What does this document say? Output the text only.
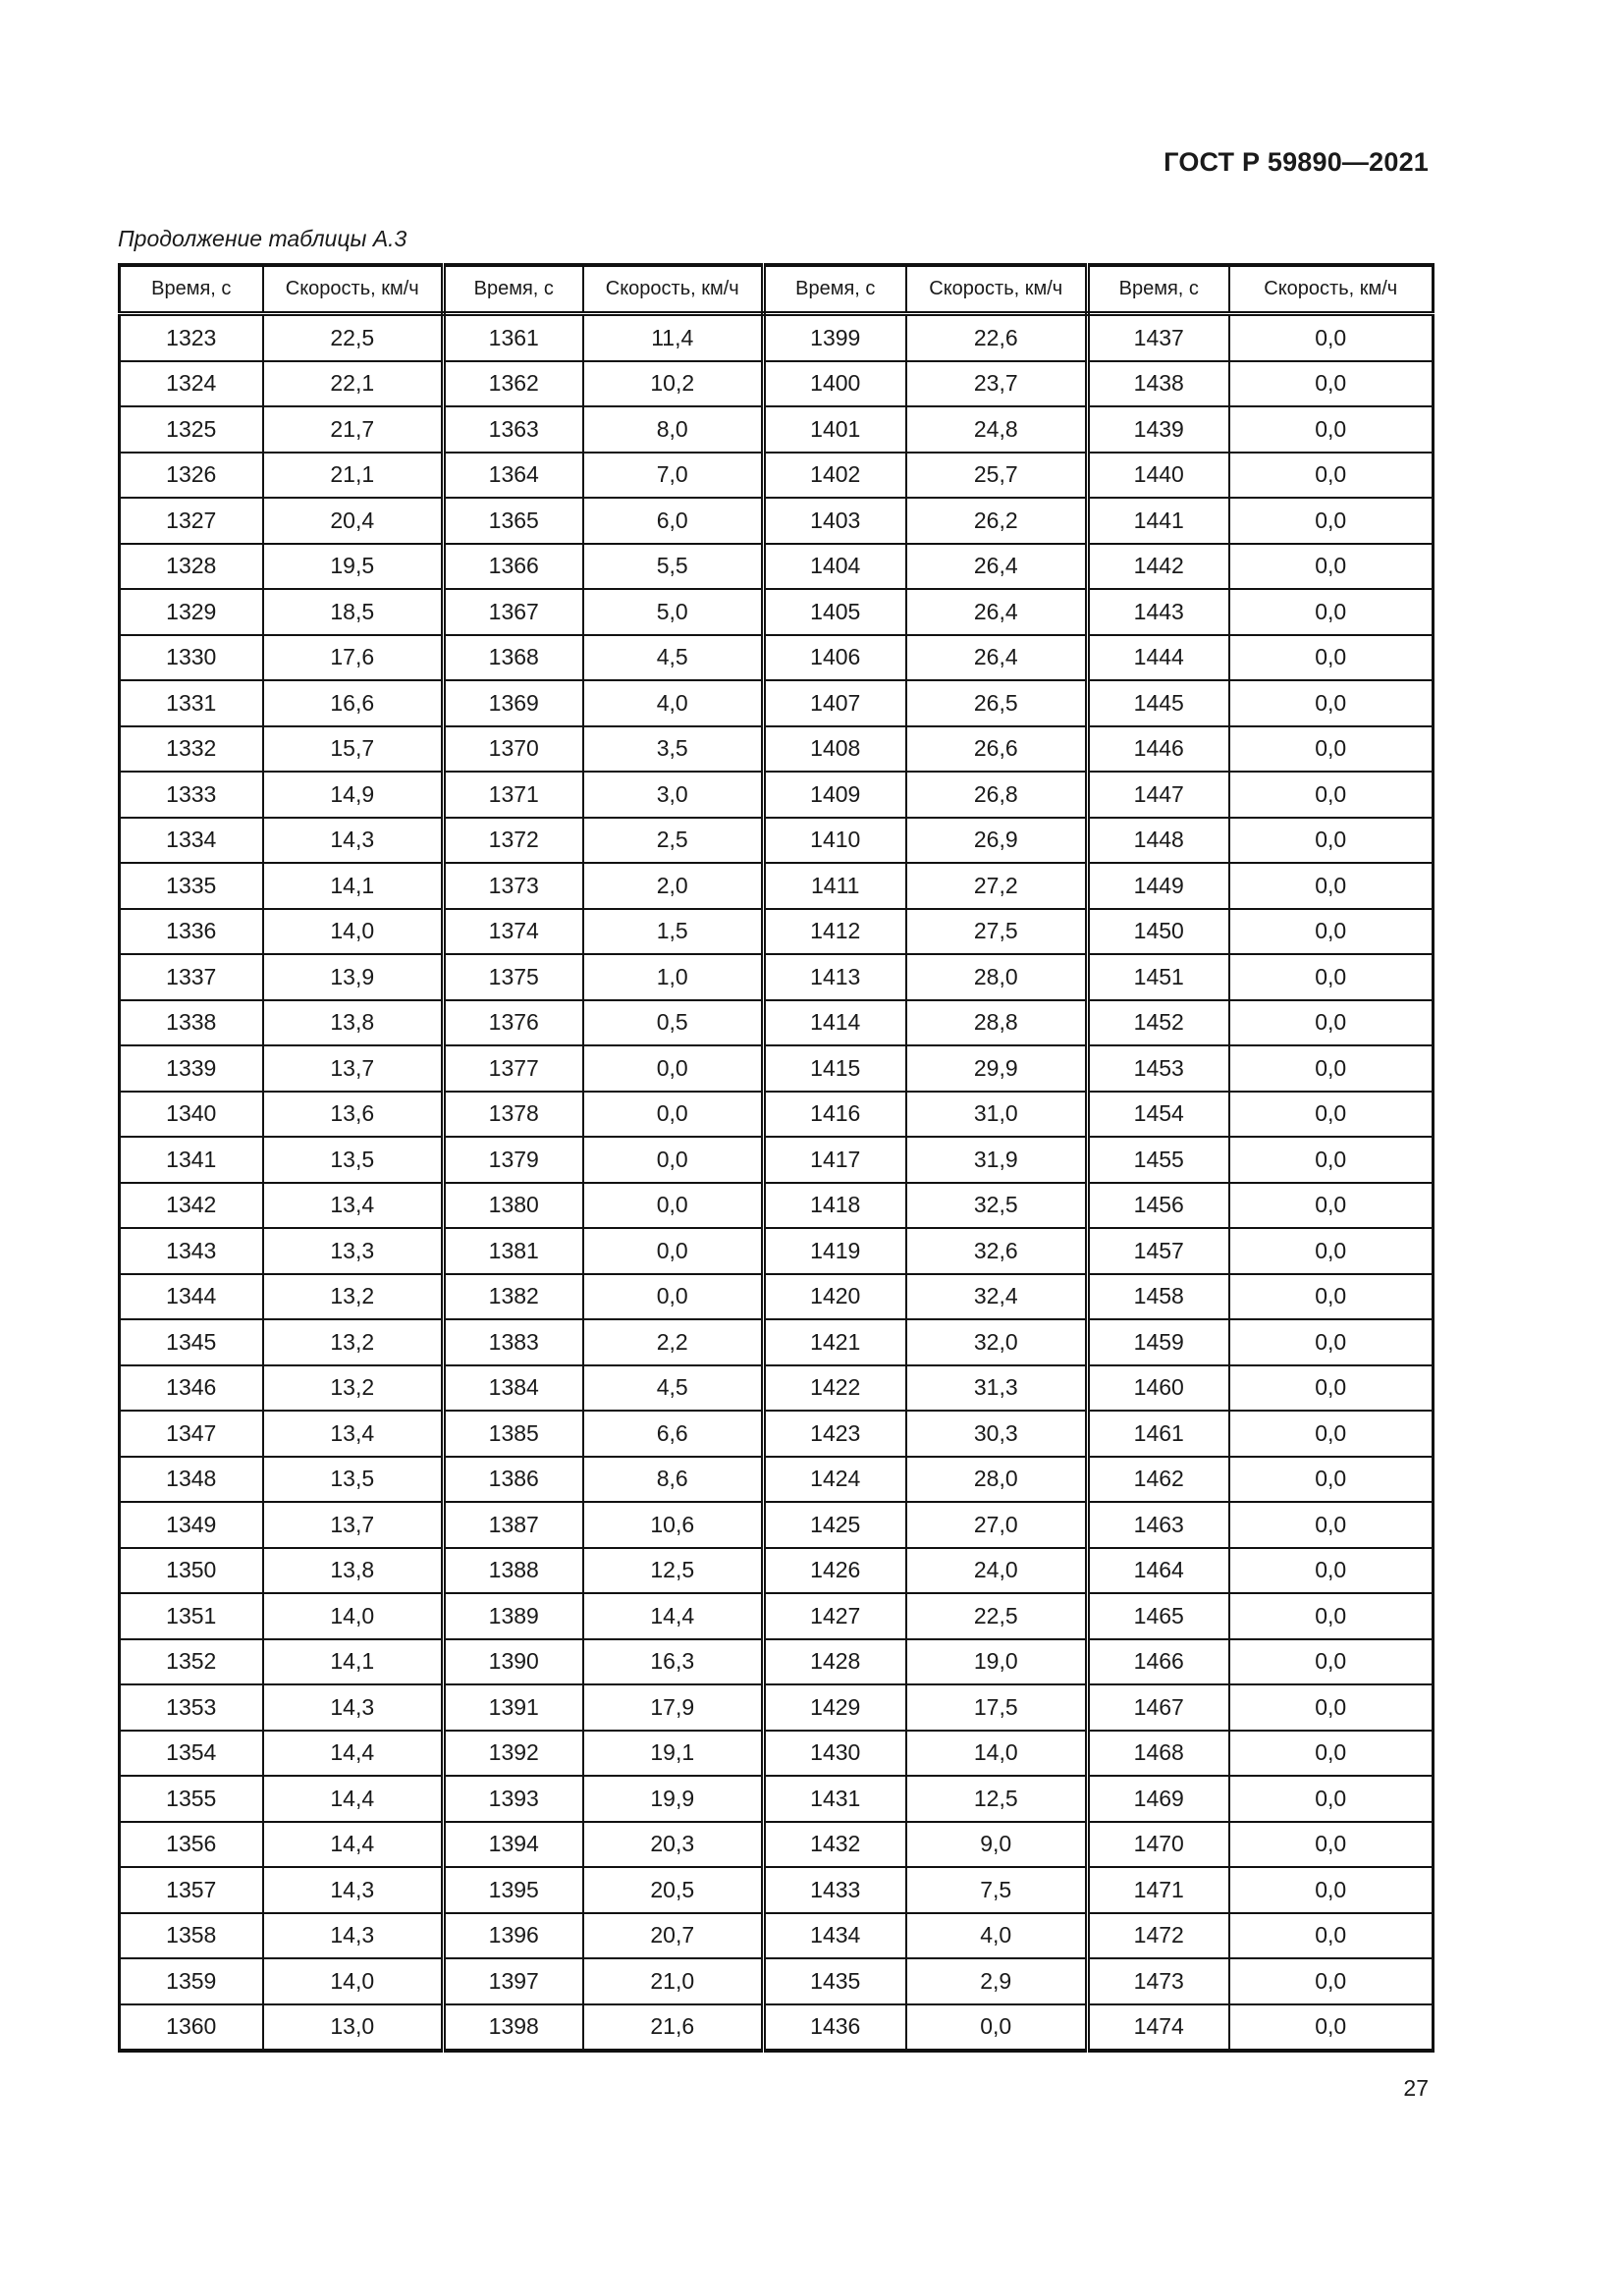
ГОСТ Р 59890—2021
Продолжение таблицы А.3
Время, с	Скорость, км/ч	Время, с	Скорость, км/ч	Время, с	Скорость, км/ч	Время, с	Скорость, км/ч
1323	22,5	1361	11,4	1399	22,6	1437	0,0
1324	22,1	1362	10,2	1400	23,7	1438	0,0
1325	21,7	1363	8,0	1401	24,8	1439	0,0
1326	21,1	1364	7,0	1402	25,7	1440	0,0
1327	20,4	1365	6,0	1403	26,2	1441	0,0
1328	19,5	1366	5,5	1404	26,4	1442	0,0
1329	18,5	1367	5,0	1405	26,4	1443	0,0
1330	17,6	1368	4,5	1406	26,4	1444	0,0
1331	16,6	1369	4,0	1407	26,5	1445	0,0
1332	15,7	1370	3,5	1408	26,6	1446	0,0
1333	14,9	1371	3,0	1409	26,8	1447	0,0
1334	14,3	1372	2,5	1410	26,9	1448	0,0
1335	14,1	1373	2,0	1411	27,2	1449	0,0
1336	14,0	1374	1,5	1412	27,5	1450	0,0
1337	13,9	1375	1,0	1413	28,0	1451	0,0
1338	13,8	1376	0,5	1414	28,8	1452	0,0
1339	13,7	1377	0,0	1415	29,9	1453	0,0
1340	13,6	1378	0,0	1416	31,0	1454	0,0
1341	13,5	1379	0,0	1417	31,9	1455	0,0
1342	13,4	1380	0,0	1418	32,5	1456	0,0
1343	13,3	1381	0,0	1419	32,6	1457	0,0
1344	13,2	1382	0,0	1420	32,4	1458	0,0
1345	13,2	1383	2,2	1421	32,0	1459	0,0
1346	13,2	1384	4,5	1422	31,3	1460	0,0
1347	13,4	1385	6,6	1423	30,3	1461	0,0
1348	13,5	1386	8,6	1424	28,0	1462	0,0
1349	13,7	1387	10,6	1425	27,0	1463	0,0
1350	13,8	1388	12,5	1426	24,0	1464	0,0
1351	14,0	1389	14,4	1427	22,5	1465	0,0
1352	14,1	1390	16,3	1428	19,0	1466	0,0
1353	14,3	1391	17,9	1429	17,5	1467	0,0
1354	14,4	1392	19,1	1430	14,0	1468	0,0
1355	14,4	1393	19,9	1431	12,5	1469	0,0
1356	14,4	1394	20,3	1432	9,0	1470	0,0
1357	14,3	1395	20,5	1433	7,5	1471	0,0
1358	14,3	1396	20,7	1434	4,0	1472	0,0
1359	14,0	1397	21,0	1435	2,9	1473	0,0
1360	13,0	1398	21,6	1436	0,0	1474	0,0
27
